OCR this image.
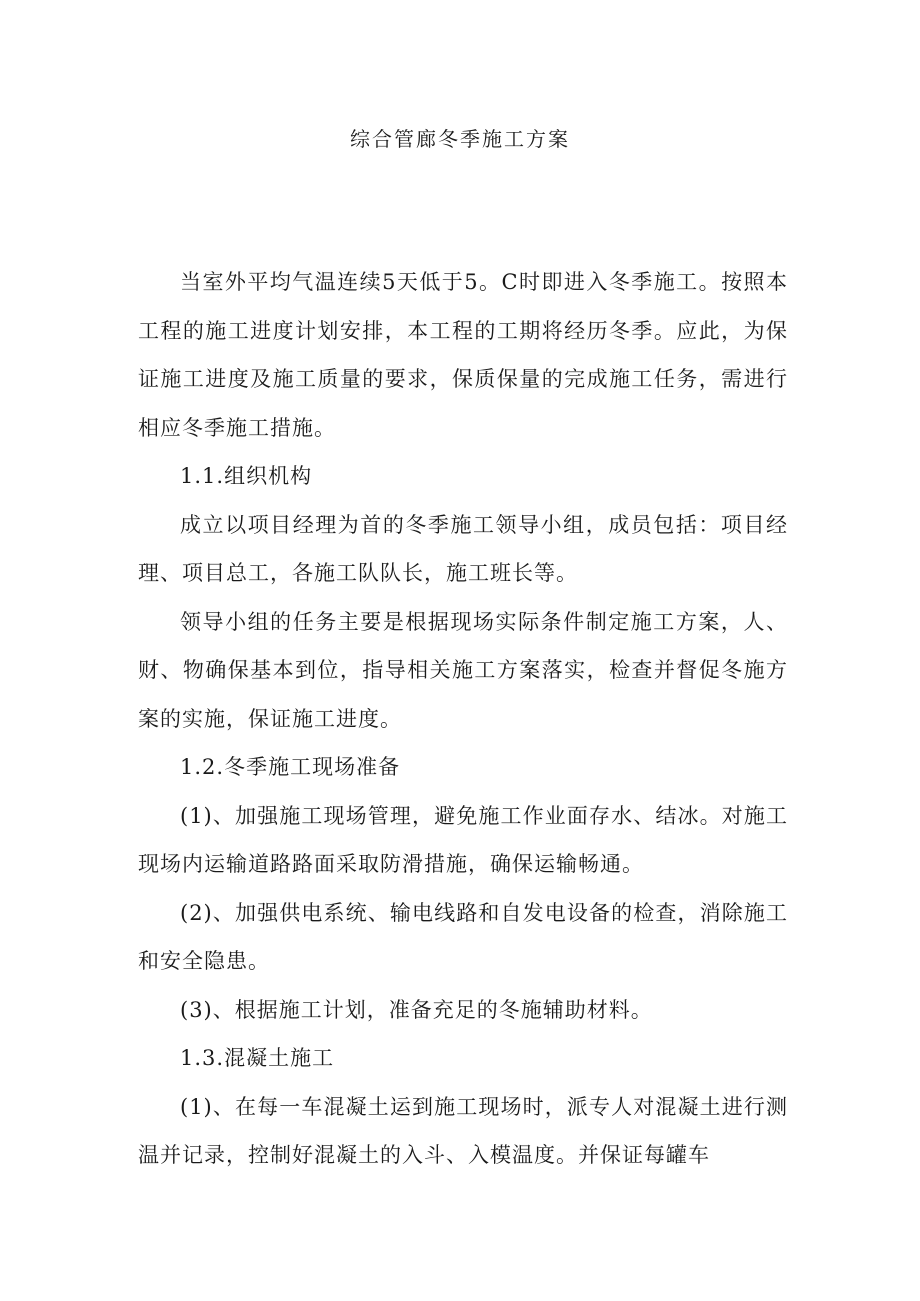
综合管廊冬季施工方案

当室外平均气温连续5天低于5。C时即进入冬季施工。按照本工程的施工进度计划安排，本工程的工期将经历冬季。应此，为保证施工进度及施工质量的要求，保质保量的完成施工任务，需进行相应冬季施工措施。

1.1.组织机构

成立以项目经理为首的冬季施工领导小组，成员包括：项目经理、项目总工，各施工队队长，施工班长等。

领导小组的任务主要是根据现场实际条件制定施工方案，人、财、物确保基本到位，指导相关施工方案落实，检查并督促冬施方案的实施，保证施工进度。

1.2.冬季施工现场准备

(1)、加强施工现场管理，避免施工作业面存水、结冰。对施工现场内运输道路路面采取防滑措施，确保运输畅通。

(2)、加强供电系统、输电线路和自发电设备的检查，消除施工和安全隐患。

(3)、根据施工计划，准备充足的冬施辅助材料。

1.3.混凝土施工

(1)、在每一车混凝土运到施工现场时，派专人对混凝土进行测温并记录，控制好混凝土的入斗、入模温度。并保证每罐车
